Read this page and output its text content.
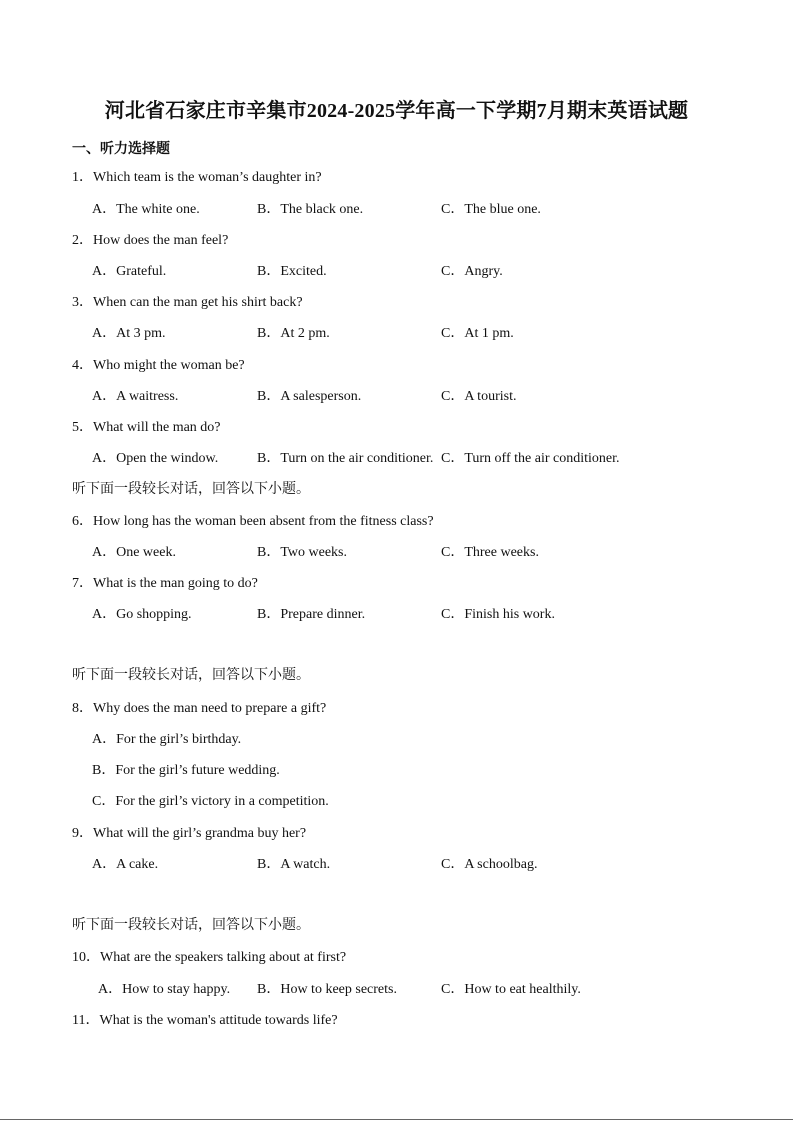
河北省石家庄市辛集市2024-2025学年高一下学期7月期末英语试题
一、听力选择题
1．Which team is the woman’s daughter in?
A．The white one.	B．The black one.	C．The blue one.
2．How does the man feel?
A．Grateful.	B．Excited.	C．Angry.
3．When can the man get his shirt back?
A．At 3 pm.	B．At 2 pm.	C．At 1 pm.
4．Who might the woman be?
A．A waitress.	B．A salesperson.	C．A tourist.
5．What will the man do?
A．Open the window.	B．Turn on the air conditioner. C．Turn off the air conditioner.
听下面一段较长对话，回答以下小题。
6．How long has the woman been absent from the fitness class?
A．One week.	B．Two weeks.	C．Three weeks.
7．What is the man going to do?
A．Go shopping.	B．Prepare dinner.	C．Finish his work.
听下面一段较长对话，回答以下小题。
8．Why does the man need to prepare a gift?
A．For the girl’s birthday.
B．For the girl’s future wedding.
C．For the girl’s victory in a competition.
9．What will the girl’s grandma buy her?
A．A cake.	B．A watch.	C．A schoolbag.
听下面一段较长对话，回答以下小题。
10．What are the speakers talking about at first?
A．How to stay happy. B．How to keep secrets.	C．How to eat healthily.
11．What is the woman's attitude towards life?
